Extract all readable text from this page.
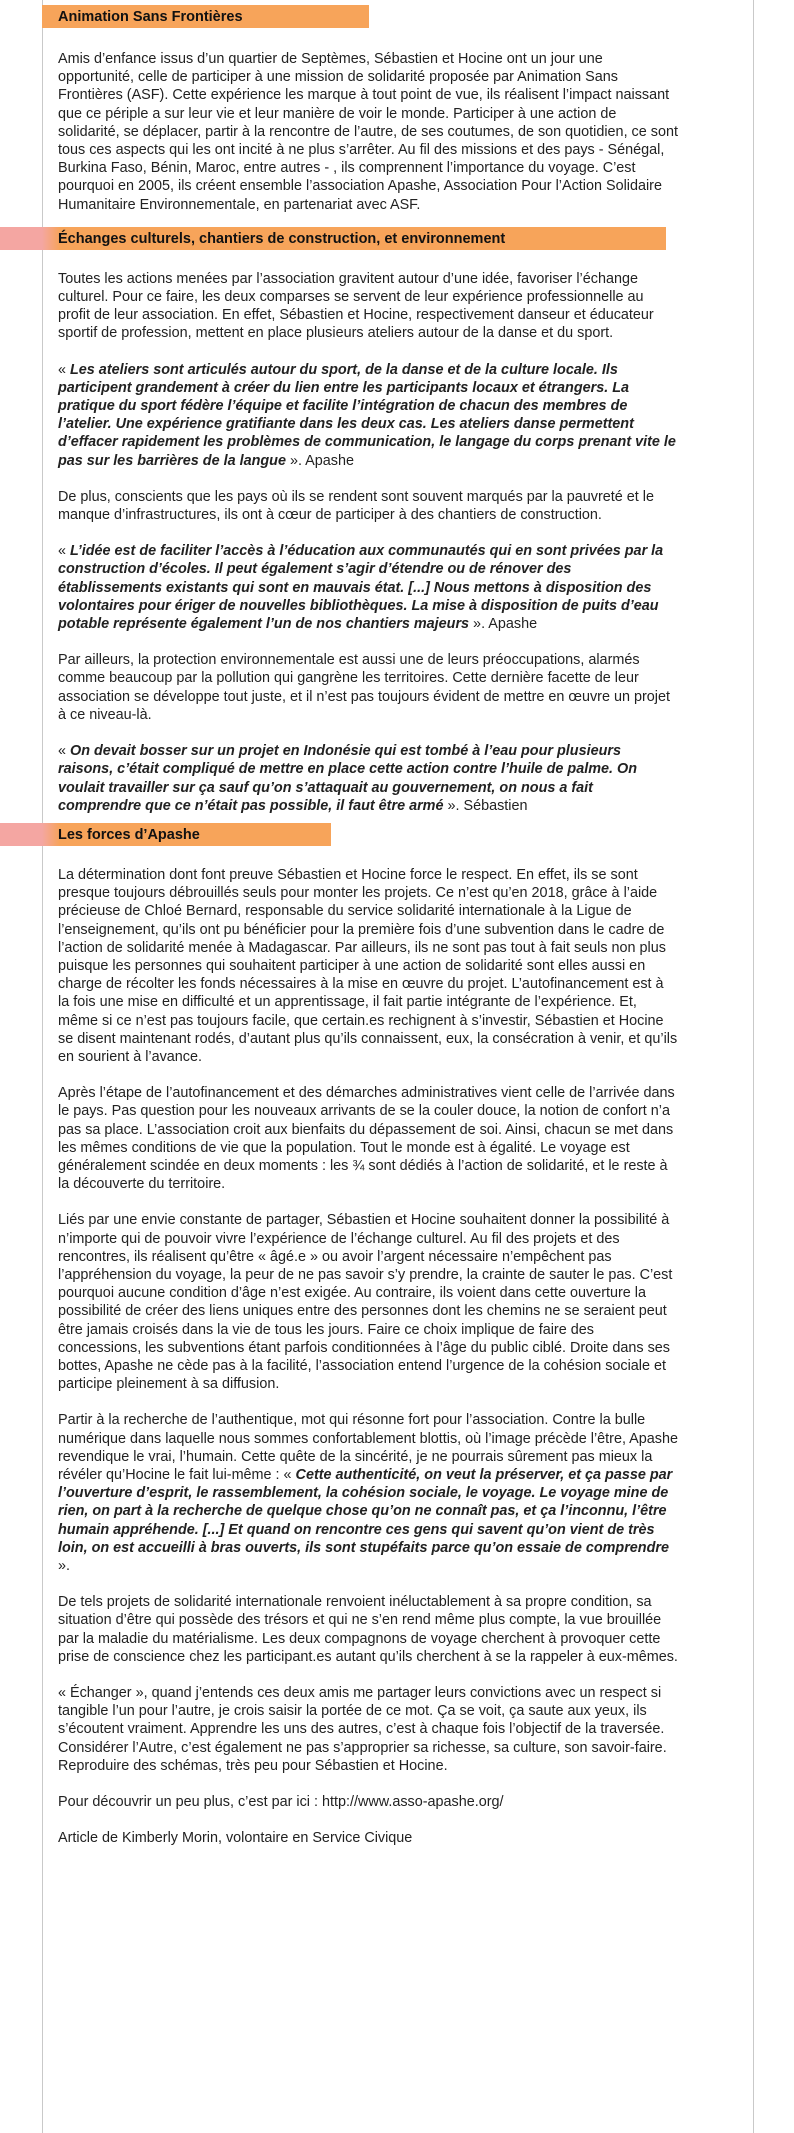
Animation Sans Frontières

Amis d’enfance issus d’un quartier de Septèmes, Sébastien et Hocine ont un jour une opportunité, celle de participer à une mission de solidarité proposée par Animation Sans Frontières (ASF). Cette expérience les marque à tout point de vue, ils réalisent l’impact naissant que ce périple a sur leur vie et leur manière de voir le monde. Participer à une action de solidarité, se déplacer, partir à la rencontre de l’autre, de ses coutumes, de son quotidien, ce sont tous ces aspects qui les ont incité à ne plus s’arrêter. Au fil des missions et des pays - Sénégal, Burkina Faso, Bénin, Maroc, entre autres - , ils comprennent l’importance du voyage. C’est pourquoi en 2005, ils créent ensemble l’association Apashe, Association Pour l’Action Solidaire Humanitaire Environnementale, en partenariat avec ASF.

Échanges culturels, chantiers de construction, et environnement

Toutes les actions menées par l’association gravitent autour d’une idée, favoriser l’échange culturel. Pour ce faire, les deux comparses se servent de leur expérience professionnelle au profit de leur association. En effet, Sébastien et Hocine, respectivement danseur et éducateur sportif de profession, mettent en place plusieurs ateliers autour de la danse et du sport.

« Les ateliers sont articulés autour du sport, de la danse et de la culture locale. Ils participent grandement à créer du lien entre les participants locaux et étrangers. La pratique du sport fédère l’équipe et facilite l’intégration de chacun des membres de l’atelier. Une expérience gratifiante dans les deux cas. Les ateliers danse permettent d’effacer rapidement les problèmes de communication, le langage du corps prenant vite le pas sur les barrières de la langue ». Apashe

De plus, conscients que les pays où ils se rendent sont souvent marqués par la pauvreté et le manque d’infrastructures, ils ont à cœur de participer à des chantiers de construction.

« L’idée est de faciliter l’accès à l’éducation aux communautés qui en sont privées par la construction d’écoles. Il peut également s’agir d’étendre ou de rénover des établissements existants qui sont en mauvais état. [...] Nous mettons à disposition des volontaires pour ériger de nouvelles bibliothèques. La mise à disposition de puits d’eau potable représente également l’un de nos chantiers majeurs ». Apashe

Par ailleurs, la protection environnementale est aussi une de leurs préoccupations, alarmés comme beaucoup par la pollution qui gangrène les territoires. Cette dernière facette de leur association se développe tout juste, et il n’est pas toujours évident de mettre en œuvre un projet à ce niveau-là.

« On devait bosser sur un projet en Indonésie qui est tombé à l’eau pour plusieurs raisons, c’était compliqué de mettre en place cette action contre l’huile de palme. On voulait travailler sur ça sauf qu’on s’attaquait au gouvernement, on nous a fait comprendre que ce n’était pas possible, il faut être armé ». Sébastien

Les forces d’Apashe

La détermination dont font preuve Sébastien et Hocine force le respect. En effet, ils se sont presque toujours débrouillés seuls pour monter les projets. Ce n’est qu’en 2018, grâce à l’aide précieuse de Chloé Bernard, responsable du service solidarité internationale à la Ligue de l’enseignement, qu’ils ont pu bénéficier pour la première fois d’une subvention dans le cadre de l’action de solidarité menée à Madagascar. Par ailleurs, ils ne sont pas tout à fait seuls non plus puisque les personnes qui souhaitent participer à une action de solidarité sont elles aussi en charge de récolter les fonds nécessaires à la mise en œuvre du projet. L’autofinancement est à la fois une mise en difficulté et un apprentissage, il fait partie intégrante de l’expérience. Et, même si ce n’est pas toujours facile, que certain.es rechignent à s’investir, Sébastien et Hocine se disent maintenant rodés, d’autant plus qu’ils connaissent, eux, la consécration à venir, et qu’ils en sourient à l’avance.

Après l’étape de l’autofinancement et des démarches administratives vient celle de l’arrivée dans le pays. Pas question pour les nouveaux arrivants de se la couler douce, la notion de confort n’a pas sa place. L’association croit aux bienfaits du dépassement de soi. Ainsi, chacun se met dans les mêmes conditions de vie que la population. Tout le monde est à égalité. Le voyage est généralement scindée en deux moments : les ¾ sont dédiés à l’action de solidarité, et le reste à la découverte du territoire.

Liés par une envie constante de partager, Sébastien et Hocine souhaitent donner la possibilité à n’importe qui de pouvoir vivre l’expérience de l’échange culturel. Au fil des projets et des rencontres, ils réalisent qu’être « âgé.e » ou avoir l’argent nécessaire n’empêchent pas l’appréhension du voyage, la peur de ne pas savoir s’y prendre, la crainte de sauter le pas. C’est pourquoi aucune condition d’âge n’est exigée. Au contraire, ils voient dans cette ouverture la possibilité de créer des liens uniques entre des personnes dont les chemins ne se seraient peut être jamais croisés dans la vie de tous les jours. Faire ce choix implique de faire des concessions, les subventions étant parfois conditionnées à l’âge du public ciblé. Droite dans ses bottes, Apashe ne cède pas à la facilité, l’association entend l’urgence de la cohésion sociale et participe pleinement à sa diffusion.

Partir à la recherche de l’authentique, mot qui résonne fort pour l’association. Contre la bulle numérique dans laquelle nous sommes confortablement blottis, où l’image précède l’être, Apashe revendique le vrai, l’humain. Cette quête de la sincérité, je ne pourrais sûrement pas mieux la révéler qu’Hocine le fait lui-même : « Cette authenticité, on veut la préserver, et ça passe par l’ouverture d’esprit, le rassemblement, la cohésion sociale, le voyage. Le voyage mine de rien, on part à la recherche de quelque chose qu’on ne connaît pas, et ça l’inconnu, l’être humain appréhende. [...] Et quand on rencontre ces gens qui savent qu’on vient de très loin, on est accueilli à bras ouverts, ils sont stupéfaits parce qu’on essaie de comprendre ».

De tels projets de solidarité internationale renvoient inéluctablement à sa propre condition, sa situation d’être qui possède des trésors et qui ne s’en rend même plus compte, la vue brouillée par la maladie du matérialisme. Les deux compagnons de voyage cherchent à provoquer cette prise de conscience chez les participant.es autant qu’ils cherchent à se la rappeler à eux-mêmes.

« Échanger », quand j’entends ces deux amis me partager leurs convictions avec un respect si tangible l’un pour l’autre, je crois saisir la portée de ce mot. Ça se voit, ça saute aux yeux, ils s’écoutent vraiment. Apprendre les uns des autres, c’est à chaque fois l’objectif de la traversée. Considérer l’Autre, c’est également ne pas s’approprier sa richesse, sa culture, son savoir-faire. Reproduire des schémas, très peu pour Sébastien et Hocine.

Pour découvrir un peu plus, c’est par ici : http://www.asso-apashe.org/

Article de Kimberly Morin, volontaire en Service Civique
